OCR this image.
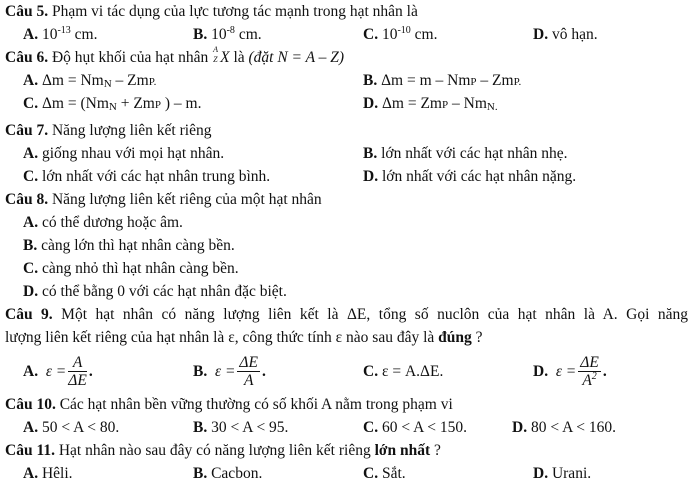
Câu 5. Phạm vi tác dụng của lực tương tác mạnh trong hạt nhân là
A. $10^{-13}$ cm.	B. $10^{-8}$ cm.	C. $10^{-10}$ cm.	D. vô hạn.
Câu 6. Độ hụt khối của hạt nhân A
Z X là (đặt N = A – Z)
A. $\Delta m = Nm_N$ – ZmP.	B. Δm = m – NmP – ZmP.
C. $\Delta m = (Nm_N$ + ZmP ) – m.	D. Δm = ZmP – $Nm_{N.}$
Câu 7. Năng lượng liên kết riêng
A. giống nhau với mọi hạt nhân.	B. lớn nhất với các hạt nhân nhẹ.
C. lớn nhất với các hạt nhân trung bình.	D. lớn nhất với các hạt nhân nặng.
Câu 8. Năng lượng liên kết riêng của một hạt nhân
A. có thể dương hoặc âm.
B. càng lớn thì hạt nhân càng bền.
C. càng nhỏ thì hạt nhân càng bền.
D. có thể bằng 0 với các hạt nhân đặc biệt.
Câu 9. Một hạt nhân có năng lượng liên kết là ΔE, tổng số nuclôn của hạt nhân là A. Gọi năng
lượng liên kết riêng của hạt nhân là ε, công thức tính ε nào sau đây là đúng ?
A. $\varepsilon = \frac{A}{\Delta E}$ .	B. $\varepsilon = \frac{\Delta E}{A}$ .	C. ε = A.ΔE.	D. $\varepsilon = \frac{\Delta E}{A^2}$ .
Câu 10. Các hạt nhân bền vững thường có số khối A nằm trong phạm vi
A. 50 < A < 80.	B. 30 < A < 95.	C. 60 < A < 150.	D. 80 < A < 160.
Câu 11. Hạt nhân nào sau đây có năng lượng liên kết riêng lớn nhất ?
A. Hêli.	B. Cacbon.	C. Sắt.	D. Urani.
